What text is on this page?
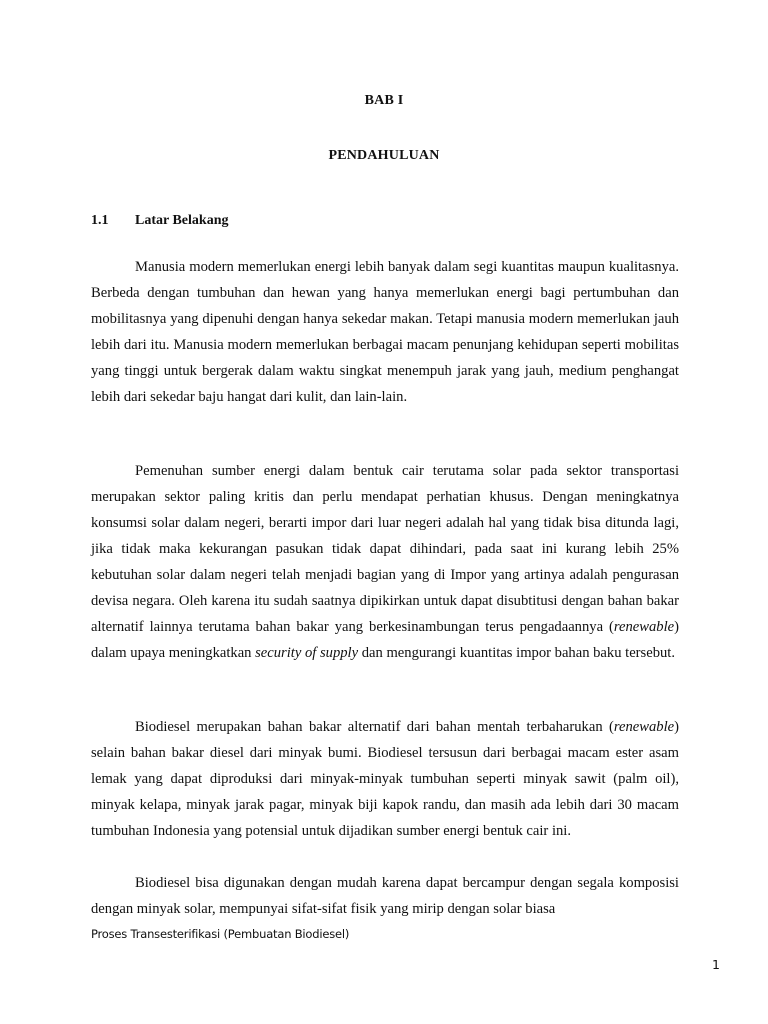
BAB I
PENDAHULUAN
1.1 Latar Belakang

Manusia modern memerlukan energi lebih banyak dalam segi kuantitas maupun kualitasnya. Berbeda dengan tumbuhan dan hewan yang hanya memerlukan energi bagi pertumbuhan dan mobilitasnya yang dipenuhi dengan hanya sekedar makan. Tetapi manusia modern memerlukan jauh lebih dari itu. Manusia modern memerlukan berbagai macam penunjang kehidupan seperti mobilitas yang tinggi untuk bergerak dalam waktu singkat menempuh jarak yang jauh, medium penghangat lebih dari sekedar baju hangat dari kulit, dan lain-lain.

Pemenuhan sumber energi dalam bentuk cair terutama solar pada sektor transportasi merupakan sektor paling kritis dan perlu mendapat perhatian khusus. Dengan meningkatnya konsumsi solar dalam negeri, berarti impor dari luar negeri adalah hal yang tidak bisa ditunda lagi, jika tidak maka kekurangan pasukan tidak dapat dihindari, pada saat ini kurang lebih 25% kebutuhan solar dalam negeri telah menjadi bagian yang di Impor yang artinya adalah pengurasan devisa negara. Oleh karena itu sudah saatnya dipikirkan untuk dapat disubtitusi dengan bahan bakar alternatif lainnya terutama bahan bakar yang berkesinambungan terus pengadaannya (renewable) dalam upaya meningkatkan security of supply dan mengurangi kuantitas impor bahan baku tersebut.

Biodiesel merupakan bahan bakar alternatif dari bahan mentah terbaharukan (renewable) selain bahan bakar diesel dari minyak bumi. Biodiesel tersusun dari berbagai macam ester asam lemak yang dapat diproduksi dari minyak-minyak tumbuhan seperti minyak sawit (palm oil), minyak kelapa, minyak jarak pagar, minyak biji kapok randu, dan masih ada lebih dari 30 macam tumbuhan Indonesia yang potensial untuk dijadikan sumber energi bentuk cair ini.

Biodiesel bisa digunakan dengan mudah karena dapat bercampur dengan segala komposisi dengan minyak solar, mempunyai sifat-sifat fisik yang mirip dengan solar biasa

Proses Transesterifikasi (Pembuatan Biodiesel)
1
